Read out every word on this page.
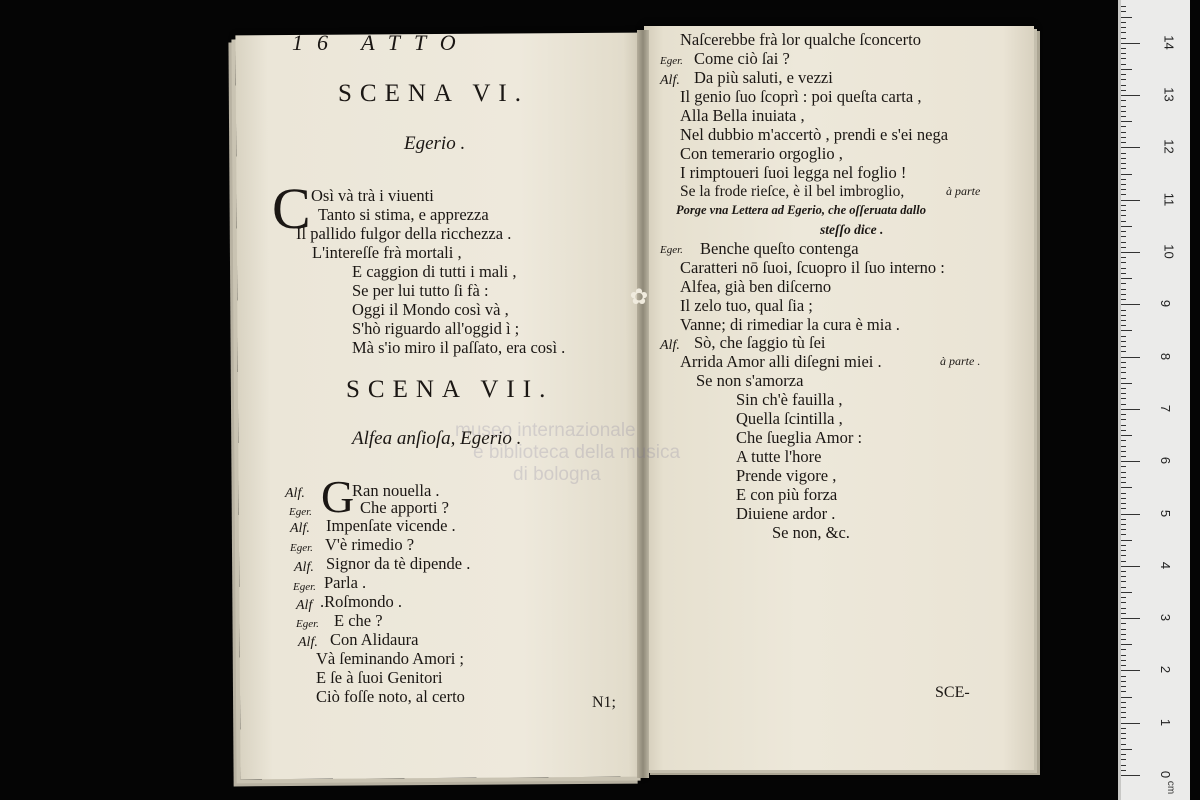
✿
museo internazionale
e biblioteca della musica
di bologna
16 ATTO
SCENA VI.
Egerio .
C Osì và trà i viuenti
Tanto si stima, e apprezza
Il pallido fulgor della ricchezza .
L'intereſſe frà mortali ,
E caggion di tutti i mali ,
Se per lui tutto ſi fà :
Oggi il Mondo così và ,
S'hò riguardo all'oggid ì ;
Mà s'io miro il paſſato, era così .
SCENA VII.
Alfea anſioſa, Egerio .
G
Alf.	Ran nouella .
Eger.	Che apporti ?
Alf. Impenſate vicende .
Eger. V'è rimedio ?
Alf. Signor da tè dipende .
Eger. Parla .
Alf .Roſmondo .
Eger. E che ?
Alf. Con Alidaura
Và ſeminando Amori ;
E ſe à ſuoi Genitori
Ciò foſſe noto, al certo	N1;
Naſcerebbe frà lor qualche ſconcerto
Eger. Come ciò ſai ?
Alf. Da più saluti, e vezzi
Il genio ſuo ſcoprì : poi queſta carta ,
Alla Bella inuiata ,
Nel dubbio m'accertò , prendi e s'ei nega
Con temerario orgoglio ,
I rimptoueri ſuoi legga nel foglio !
Se la frode rieſce, è il bel imbroglio,	à parte
Porge vna Lettera ad Egerio, che oſſeruata dallo
steſſo dice .
Eger. Benche queſto contenga
Caratteri nō ſuoi, ſcuopro il ſuo interno :
Alfea, già ben diſcerno
Il zelo tuo, qual ſia ;
Vanne; di rimediar la cura è mia .
Alf. Sò, che ſaggio tù ſei
Arrida Amor alli diſegni miei .	à parte .
Se non s'amorza
Sin ch'è fauilla ,
Quella ſcintilla ,
Che ſueglia Amor :
A tutte l'hore
Prende vigore ,
E con più forza
Diuiene ardor .
Se non, &c.
SCE-
0
1
2
3
4
5
6
7
8
9
10
11
12
13
14
cm
